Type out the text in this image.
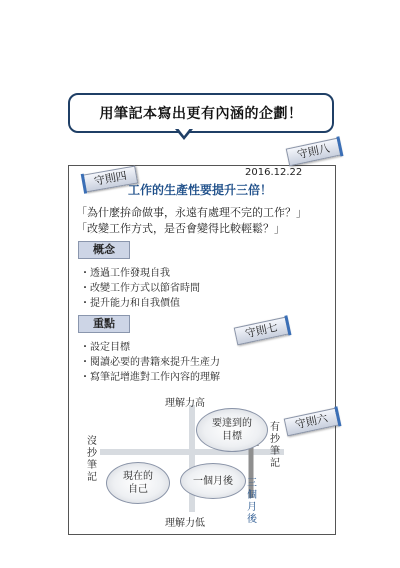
用筆記本寫出更有內涵的企劃！
守則八
守則四
守則七
守則六
2016.12.22
工作的生產性要提升三倍！
「為什麼拚命做事，永遠有處理不完的工作？」
「改變工作方式，是否會變得比較輕鬆？」
概念
・透過工作發現自我
・改變工作方式以節省時間
・提升能力和自我價值
重點
・設定目標
・閱讀必要的書籍來提升生產力
・寫筆記增進對工作內容的理解
理解力高
理解力低
沒抄筆記
有抄筆記
要達到的
目標
現在的
自己
一個月後 三個月後
